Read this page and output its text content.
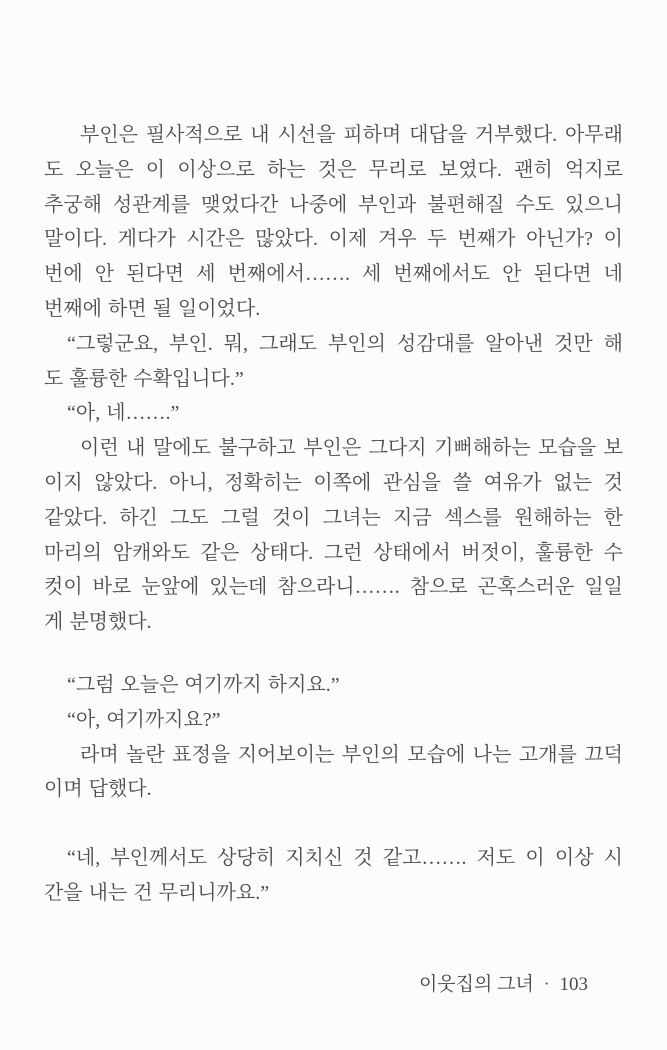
부인은 필사적으로 내 시선을 피하며 대답을 거부했다. 아무래
도 오늘은 이 이상으로 하는 것은 무리로 보였다. 괜히 억지로
추궁해 성관계를 맺었다간 나중에 부인과 불편해질 수도 있으니
말이다. 게다가 시간은 많았다. 이제 겨우 두 번째가 아닌가? 이
번에 안 된다면 세 번째에서……. 세 번째에서도 안 된다면 네
번째에 하면 될 일이었다.
“그렇군요, 부인. 뭐, 그래도 부인의 성감대를 알아낸 것만 해
도 훌륭한 수확입니다.”
“아, 네…….”
이런 내 말에도 불구하고 부인은 그다지 기뻐해하는 모습을 보
이지 않았다. 아니, 정확히는 이쪽에 관심을 쓸 여유가 없는 것
같았다. 하긴 그도 그럴 것이 그녀는 지금 섹스를 원해하는 한
마리의 암캐와도 같은 상태다. 그런 상태에서 버젓이, 훌륭한 수
컷이 바로 눈앞에 있는데 참으라니……. 참으로 곤혹스러운 일일
게 분명했다.
“그럼 오늘은 여기까지 하지요.”
“아, 여기까지요?”
라며 놀란 표정을 지어보이는 부인의 모습에 나는 고개를 끄덕
이며 답했다.
“네, 부인께서도 상당히 지치신 것 같고……. 저도 이 이상 시
간을 내는 건 무리니까요.”
이웃집의 그녀 · 103
